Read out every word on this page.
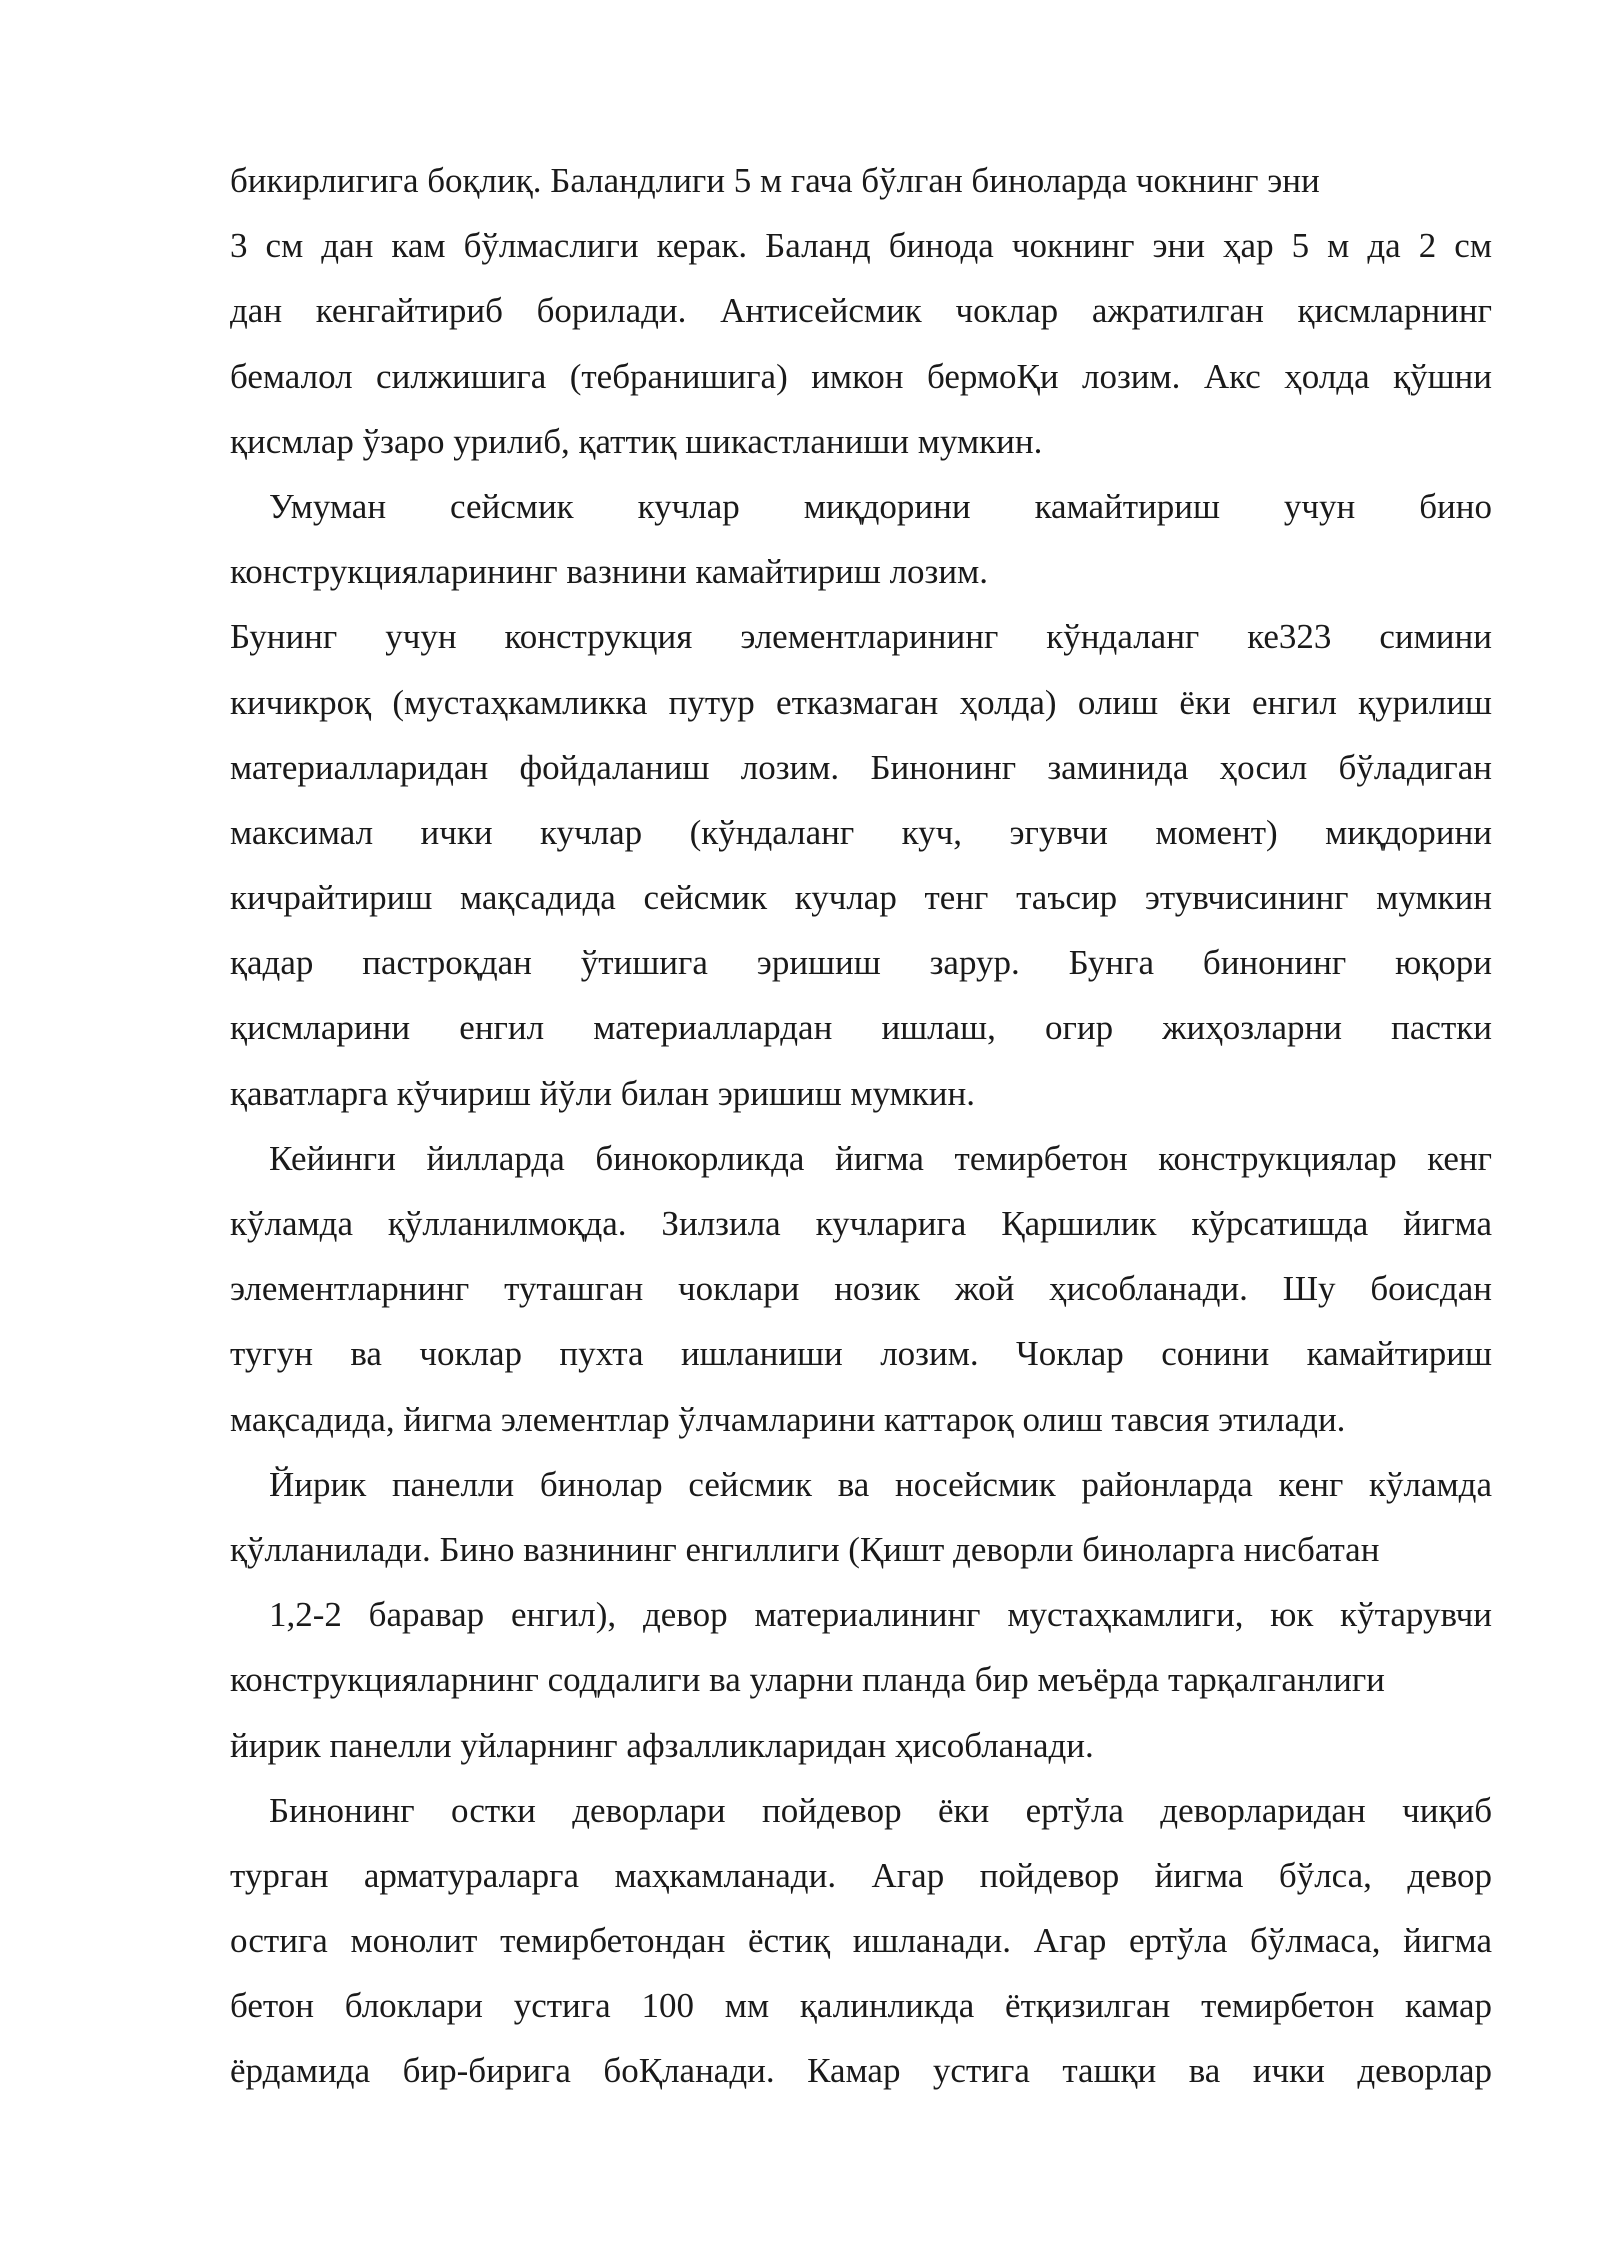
бикирлигига боқлиқ. Баландлиги 5 м гача бўлган биноларда чокнинг эни
3 см дан кам бўлмаслиги керак. Баланд бинода чокнинг эни ҳар 5 м да 2 см
дан кенгайтириб борилади. Антисейсмик чоклар ажратилган қисмларнинг
бемалол силжишига (тебранишига) имкон бермоҚи лозим. Акс ҳолда қўшни
қисмлар ўзаро урилиб, қаттиқ шикастланиши мумкин.
Умуман сейсмик кучлар миқдорини камайтириш учун бино
конструкцияларининг вазнини камайтириш лозим.
Бунинг учун конструкция элементларининг кўндаланг ке323 симини
кичикроқ (мустаҳкамликка путур етказмаган ҳолда) олиш ёки енгил қурилиш
материалларидан фойдаланиш лозим. Бинонинг заминида ҳосил бўладиган
максимал ички кучлар (кўндаланг куч, эгувчи момент) миқдорини
кичрайтириш мақсадида сейсмик кучлар тенг таъсир этувчисининг мумкин
қадар пастроқдан ўтишига эришиш зарур. Бунга бинонинг юқори
қисмларини енгил материаллардан ишлаш, огир жиҳозларни пастки
қаватларга кўчириш йўли билан эришиш мумкин.
Кейинги йилларда бинокорликда йигма темирбетон конструкциялар кенг
кўламда қўлланилмоқда. Зилзила кучларига Қаршилик кўрсатишда йигма
элементларнинг туташган чоклари нозик жой ҳисобланади. Шу боисдан
тугун ва чоклар пухта ишланиши лозим. Чоклар сонини камайтириш
мақсадида, йигма элементлар ўлчамларини каттароқ олиш тавсия этилади.
Йирик панелли бинолар сейсмик ва носейсмик районларда кенг кўламда
қўлланилади. Бино вазнининг енгиллиги (Қишт деворли биноларга нисбатан
1,2-2 баравар енгил), девор материалининг мустаҳкамлиги, юк кўтарувчи
конструкцияларнинг соддалиги ва уларни планда бир меъёрда тарқалганлиги
йирик панелли уйларнинг афзалликларидан ҳисобланади.
Бинонинг остки деворлари пойдевор ёки ертўла деворларидан чиқиб
турган арматураларга маҳкамланади. Агар пойдевор йигма бўлса, девор
остига монолит темирбетондан ёстиқ ишланади. Агар ертўла бўлмаса, йигма
бетон блоклари устига 100 мм қалинликда ётқизилган темирбетон камар
ёрдамида бир-бирига боҚланади. Камар устига ташқи ва ички деворлар
